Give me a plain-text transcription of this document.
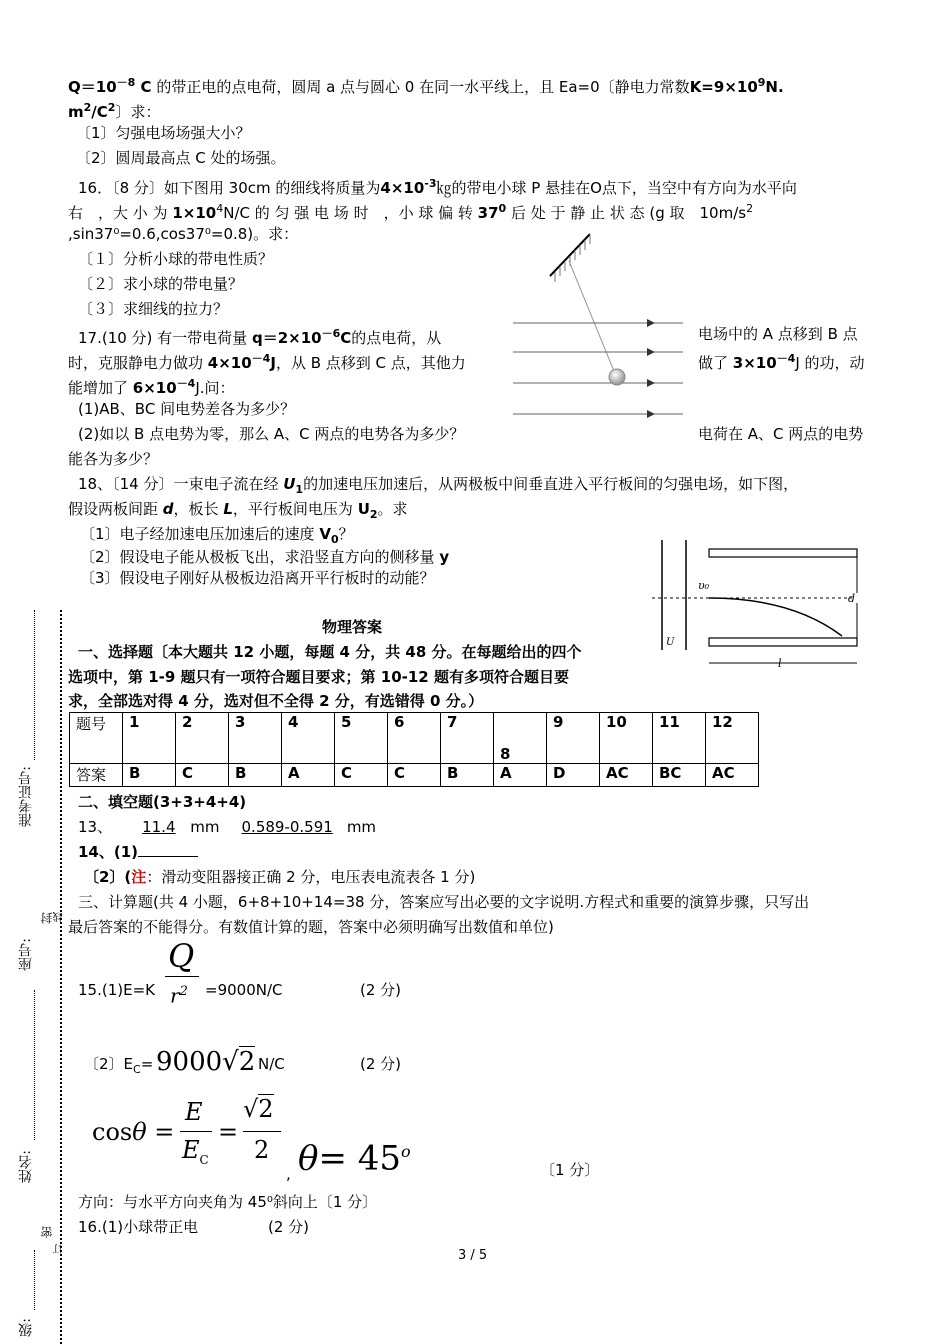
$Q=10^{-8}$ C 的带正电的点电荷，圆周 a 点与圆心 0 在同一水平线上，且 Ea=0〔静电力常数$K=9\times 10^9N$.
$m^2/C^2$〕求：
〔1〕匀强电场场强大小？
〔2〕圆周最高点 C 处的场强。
16．〔8 分〕如下图用 30cm 的细线将质量为$4\times 10^{-3}㎏$的带电小球 P 悬挂在Ο点下，当空中有方向为水平向
右　，大 小 为 $1\times 10^4N/C$ 的 匀 强 电 场 时　，小 球 偏 转 $37^0$ 后 处 于 静 止 状 态 (g 取　$10m/s^2$
,sin37⁰=0.6,cos37⁰=0.8)。求：
〔１〕分析小球的带电性质？
〔２〕求小球的带电量？
〔３〕求细线的拉力？
17.(10 分) 有一带电荷量 $q=2\times 10^{-6}C$的点电荷，从	电场中的 A 点移到 B 点
时，克服静电力做功 $4\times 10^{-4}J$，从 B 点移到 C 点，其他力	做了 $3\times 10^{-4}J$ 的功，动
能增加了 $6\times 10^{-4}J$.问：
(1)AB、BC 间电势差各为多少？
(2)如以 B 点电势为零，那么 A、C 两点的电势各为多少？	电荷在 A、C 两点的电势
能各为多少？
18、〔14 分〕一束电子流在经 $U_1$的加速电压加速后，从两极板中间垂直进入平行板间的匀强电场，如下图，
假设两板间距 d，板长 L，平行板间电压为 $U_2$。求
〔1〕电子经加速电压加速后的速度 $V_0$？
〔2〕假设电子能从极板飞出，求沿竖直方向的侧移量 y
〔3〕假设电子刚好从极板边沿离开平行板时的动能？	υ₀
d
l
U
物理答案
一、选择题〔本大题共 12 小题，每题 4 分，共 48 分。在每题给出的四个
选项中，第 1-9 题只有一项符合题目要求；第 10-12 题有多项符合题目要
求，全部选对得 4 分，选对但不全得 2 分，有选错得 0 分。）
题号	1	2	3	4	5	6	7	8	9	10	11	12
答案	B	C	B	A	C	C	B	A	D	AC	BC	AC
二、填空题(3+3+4+4)
13、 11.4 mm 0.589-0.591 mm
14、(1)
〔2〕(注：滑动变阻器接正确 2 分，电压表电流表各 1 分)
三、计算题(共 4 小题，6+8+10+14=38 分，答案应写出必要的文字说明.方程式和重要的演算步骤，只写出
最后答案的不能得分。有数值计算的题，答案中必须明确写出数值和单位)
15.(1)E=K
Q
$r^2 =9000N/C$	(2 分)
〔2〕$E_C= 9000√2$ N/C	(2 分)
cosθ =
E
$E_C$
=
√2
2
, $\theta= 45^o$
〔1 分〕
方向：与水平方向夹角为 45⁰斜向上〔1 分〕
16.(1)小球带正电	(2 分)
3 / 5
准考证号:
封 线
座号:
姓名:
密
订
级:
